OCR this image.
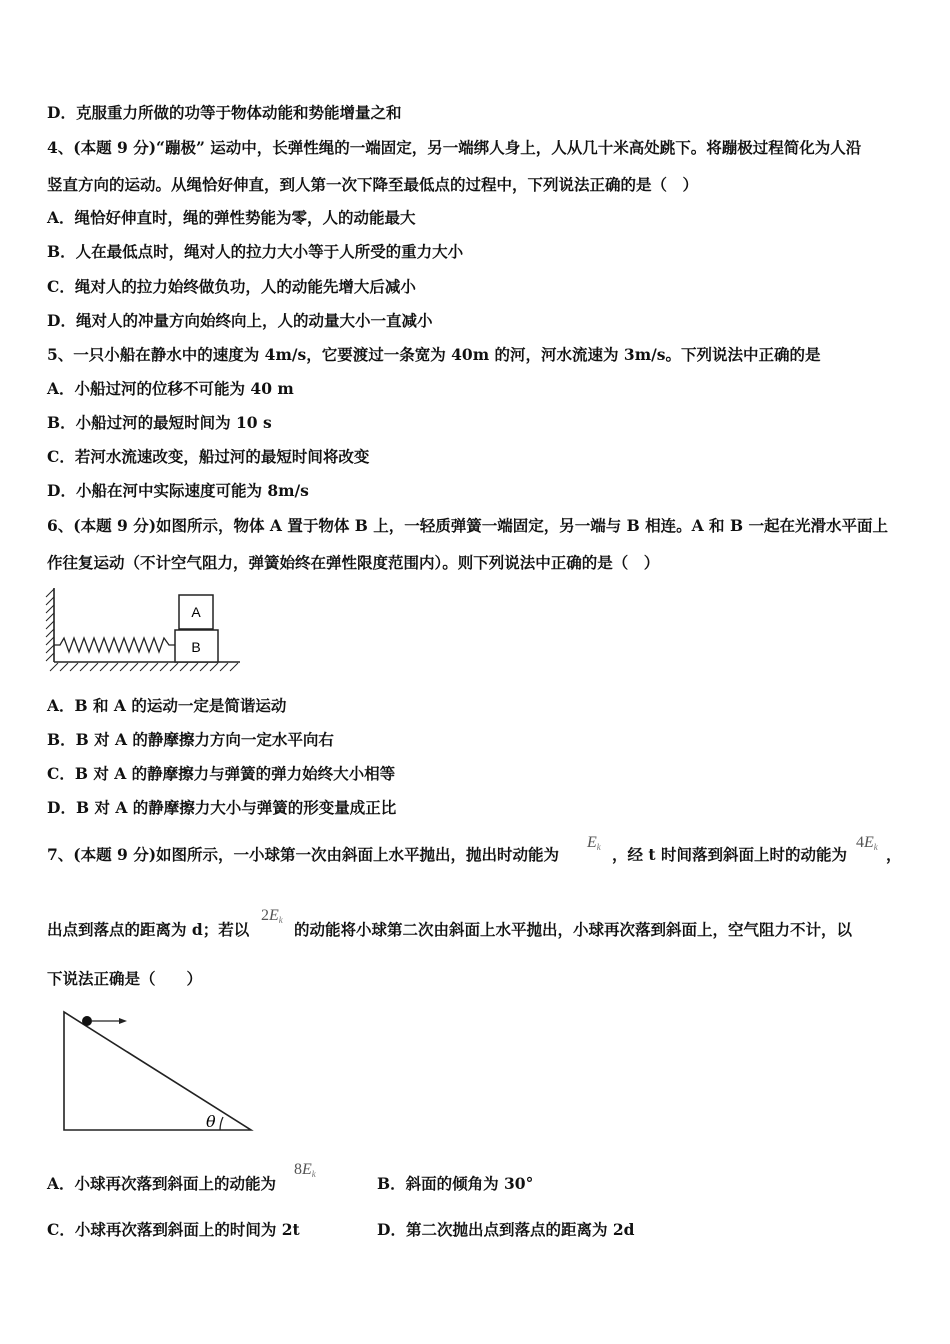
D．克服重力所做的功等于物体动能和势能增量之和
4、(本题 9 分)“蹦极” 运动中，长弹性绳的一端固定，另一端绑人身上，人从几十米高处跳下。将蹦极过程简化为人沿
竖直方向的运动。从绳恰好伸直，到人第一次下降至最低点的过程中，下列说法正确的是（　）
A．绳恰好伸直时，绳的弹性势能为零，人的动能最大
B．人在最低点时，绳对人的拉力大小等于人所受的重力大小
C．绳对人的拉力始终做负功，人的动能先增大后减小
D．绳对人的冲量方向始终向上，人的动量大小一直减小
5、一只小船在静水中的速度为 4m/s，它要渡过一条宽为 40m 的河，河水流速为 3m/s。下列说法中正确的是
A．小船过河的位移不可能为 40 m
B．小船过河的最短时间为 10 s
C．若河水流速改变，船过河的最短时间将改变
D．小船在河中实际速度可能为 8m/s
6、(本题 9 分)如图所示，物体 A 置于物体 B 上，一轻质弹簧一端固定，另一端与 B 相连。A 和 B 一起在光滑水平面上
作往复运动（不计空气阻力，弹簧始终在弹性限度范围内）。则下列说法中正确的是（　）
A
B
A．B 和 A 的运动一定是简谐运动
B．B 对 A 的静摩擦力方向一定水平向右
C．B 对 A 的静摩擦力与弹簧的弹力始终大小相等
D．B 对 A 的静摩擦力大小与弹簧的形变量成正比
7、(本题 9 分)如图所示，一小球第一次由斜面上水平抛出，抛出时动能为
Ek ，经 t 时间落到斜面上时的动能为
4Ek ，
出点到落点的距离为 d；若以
2Ek 的动能将小球第二次由斜面上水平抛出，小球再次落到斜面上，空气阻力不计，以
下说法正确是（　　）
θ
A．小球再次落到斜面上的动能为
8Ek	B．斜面的倾角为 30°
C．小球再次落到斜面上的时间为 2t	D．第二次抛出点到落点的距离为 2d
